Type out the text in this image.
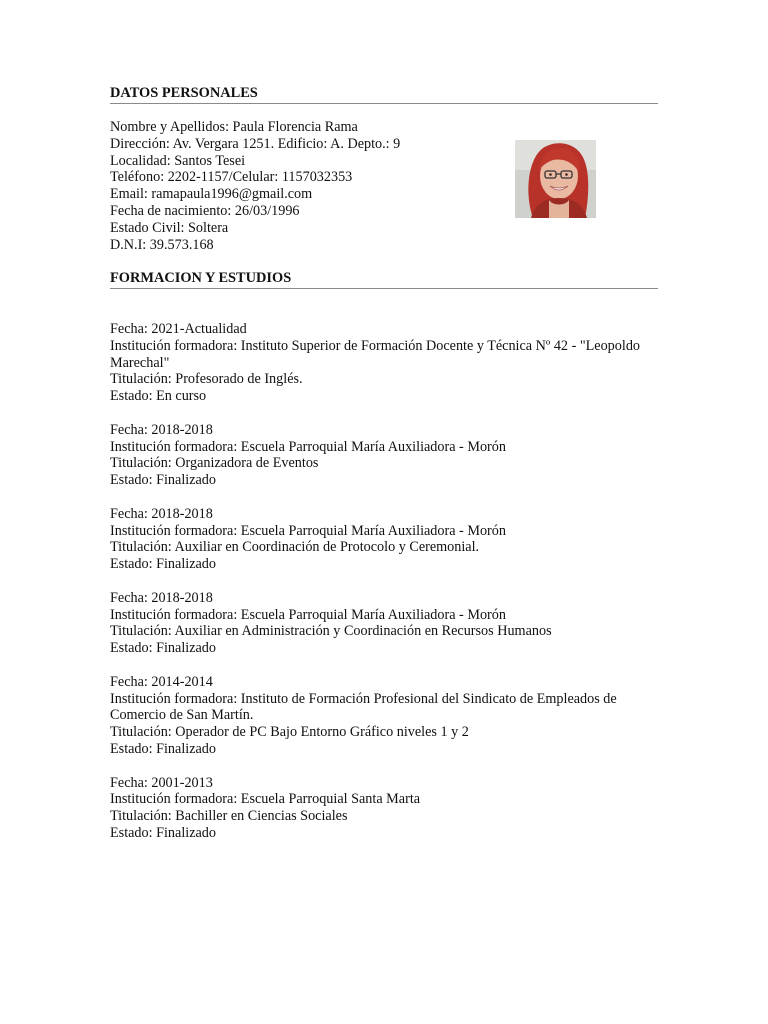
DATOS PERSONALES
Nombre y Apellidos: Paula Florencia Rama
Dirección: Av. Vergara 1251. Edificio: A. Depto.: 9
Localidad: Santos Tesei
Teléfono: 2202-1157/Celular: 1157032353
Email: ramapaula1996@gmail.com
Fecha de nacimiento: 26/03/1996
Estado Civil: Soltera
D.N.I: 39.573.168
FORMACION Y ESTUDIOS
Fecha: 2021-Actualidad
Institución formadora: Instituto Superior de Formación Docente y Técnica Nº 42 - "Leopoldo Marechal"
Titulación: Profesorado de Inglés.
Estado: En curso
Fecha: 2018-2018
Institución formadora: Escuela Parroquial María Auxiliadora - Morón
Titulación: Organizadora de Eventos
Estado: Finalizado
Fecha: 2018-2018
Institución formadora: Escuela Parroquial María Auxiliadora - Morón
Titulación: Auxiliar en Coordinación de Protocolo y Ceremonial.
Estado: Finalizado
Fecha: 2018-2018
Institución formadora: Escuela Parroquial María Auxiliadora - Morón
Titulación: Auxiliar en Administración y Coordinación en Recursos Humanos
Estado: Finalizado
Fecha: 2014-2014
Institución formadora: Instituto de Formación Profesional del Sindicato de Empleados de Comercio de San Martín.
Titulación: Operador de PC Bajo Entorno Gráfico niveles 1 y 2
Estado: Finalizado
Fecha: 2001-2013
Institución formadora: Escuela Parroquial Santa Marta
Titulación: Bachiller en Ciencias Sociales
Estado: Finalizado
